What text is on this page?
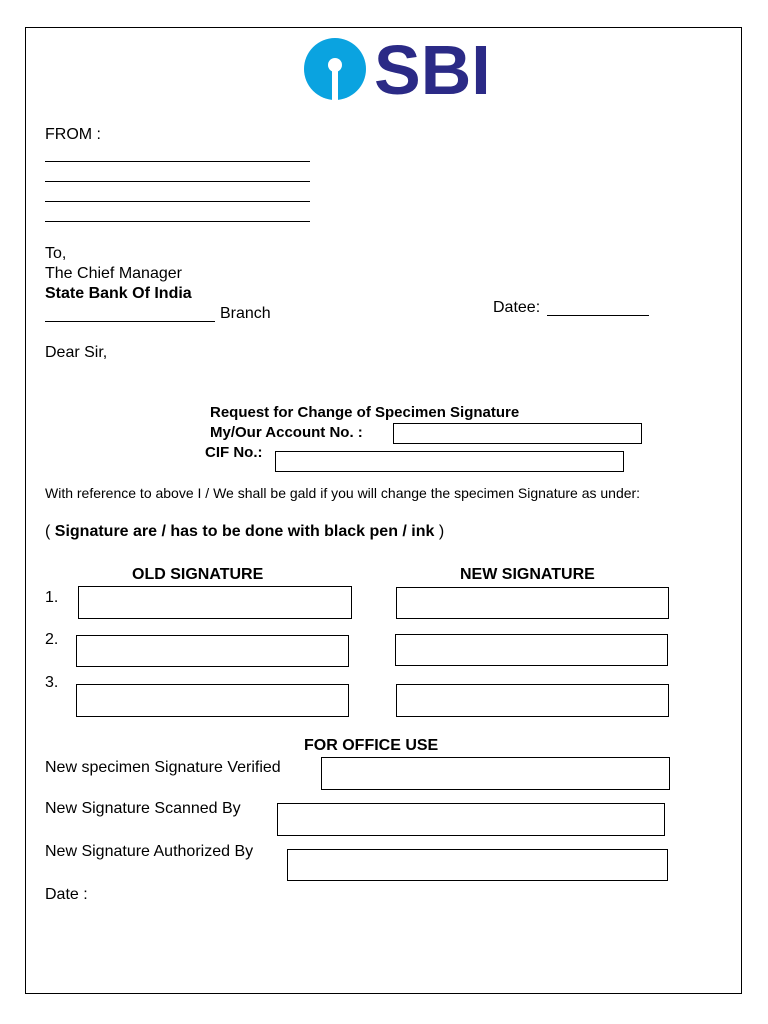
SBI
FROM :
To,
The Chief Manager
State Bank Of India
Branch	Datee:
Dear Sir,
Request for Change of Specimen Signature
My/Our Account No. :
CIF No.:
With reference to above I / We shall be gald if you will change the specimen Signature as under:
( Signature are / has to be done with black pen / ink )
OLD SIGNATURE	NEW SIGNATURE
1.
2.
3.
FOR OFFICE USE
New specimen Signature Verified
New Signature Scanned By
New Signature Authorized By
Date :
